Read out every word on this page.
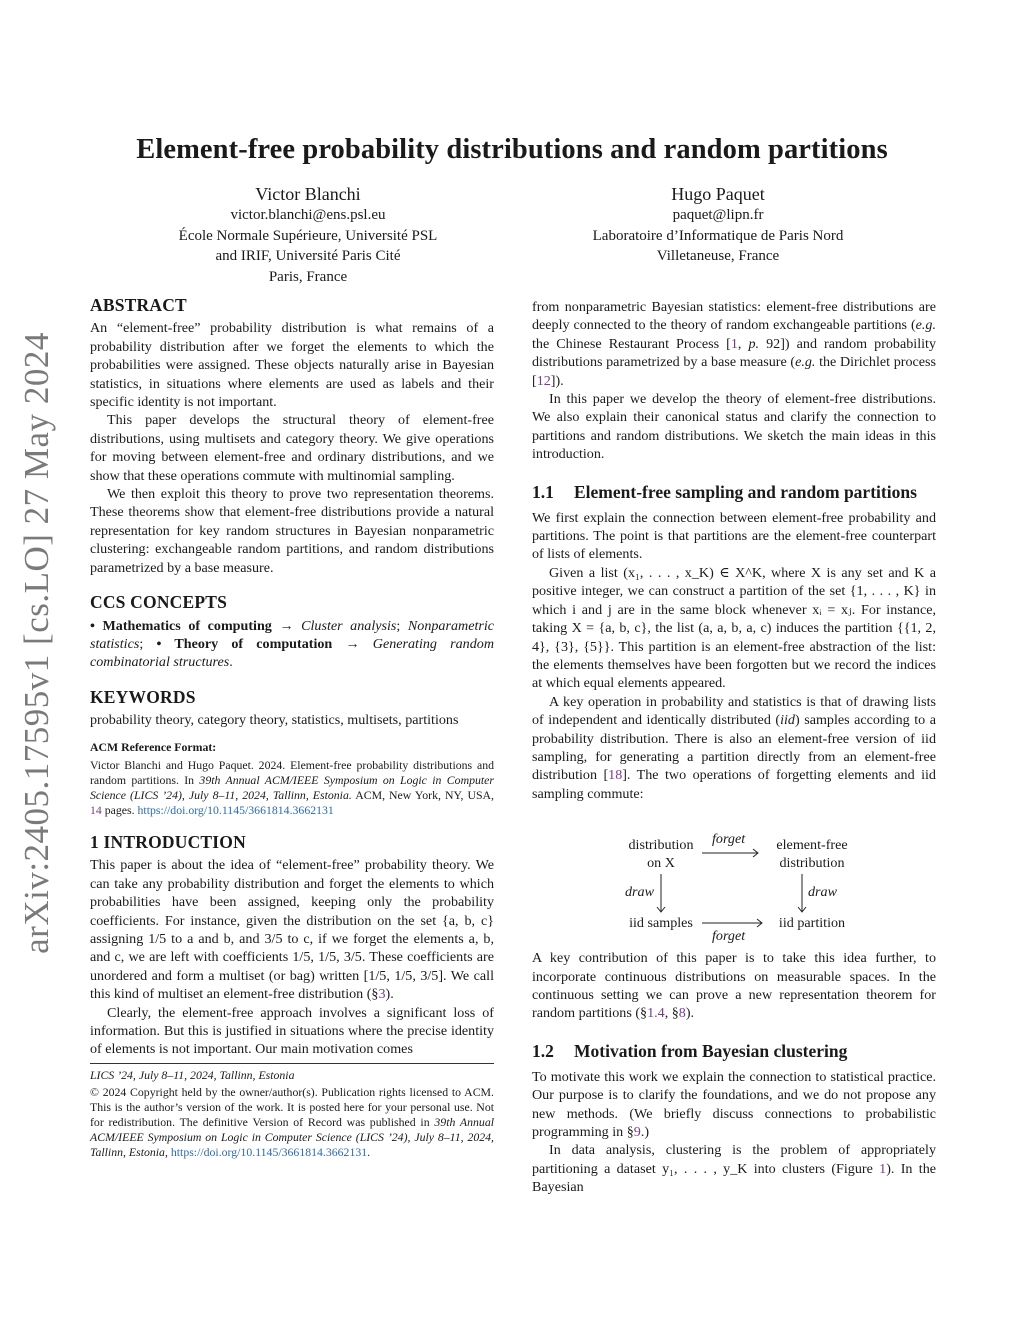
arXiv:2405.17595v1 [cs.LO] 27 May 2024
Element-free probability distributions and random partitions
Victor Blanchi
victor.blanchi@ens.psl.eu
École Normale Supérieure, Université PSL
and IRIF, Université Paris Cité
Paris, France
Hugo Paquet
paquet@lipn.fr
Laboratoire d’Informatique de Paris Nord
Villetaneuse, France
ABSTRACT

An “element-free” probability distribution is what remains of a probability distribution after we forget the elements to which the probabilities were assigned. These objects naturally arise in Bayesian statistics, in situations where elements are used as labels and their specific identity is not important.

This paper develops the structural theory of element-free distributions, using multisets and category theory. We give operations for moving between element-free and ordinary distributions, and we show that these operations commute with multinomial sampling.

We then exploit this theory to prove two representation theorems. These theorems show that element-free distributions provide a natural representation for key random structures in Bayesian nonparametric clustering: exchangeable random partitions, and random distributions parametrized by a base measure.

CCS CONCEPTS

• Mathematics of computing → Cluster analysis; Nonparametric statistics; • Theory of computation → Generating random combinatorial structures.

KEYWORDS

probability theory, category theory, statistics, multisets, partitions

ACM Reference Format:

Victor Blanchi and Hugo Paquet. 2024. Element-free probability distributions and random partitions. In 39th Annual ACM/IEEE Symposium on Logic in Computer Science (LICS ’24), July 8–11, 2024, Tallinn, Estonia. ACM, New York, NY, USA, 14 pages. https://doi.org/10.1145/3661814.3662131

1 INTRODUCTION

This paper is about the idea of “element-free” probability theory. We can take any probability distribution and forget the elements to which probabilities have been assigned, keeping only the probability coefficients. For instance, given the distribution on the set {a, b, c} assigning 1/5 to a and b, and 3/5 to c, if we forget the elements a, b, and c, we are left with coefficients 1/5, 1/5, 3/5. These coefficients are unordered and form a multiset (or bag) written [1/5, 1/5, 3/5]. We call this kind of multiset an element-free distribution (§3).

Clearly, the element-free approach involves a significant loss of information. But this is justified in situations where the precise identity of elements is not important. Our main motivation comes

LICS ’24, July 8–11, 2024, Tallinn, Estonia

© 2024 Copyright held by the owner/author(s). Publication rights licensed to ACM. This is the author’s version of the work. It is posted here for your personal use. Not for redistribution. The definitive Version of Record was published in 39th Annual ACM/IEEE Symposium on Logic in Computer Science (LICS ’24), July 8–11, 2024, Tallinn, Estonia, https://doi.org/10.1145/3661814.3662131.

from nonparametric Bayesian statistics: element-free distributions are deeply connected to the theory of random exchangeable partitions (e.g. the Chinese Restaurant Process [1, p. 92]) and random probability distributions parametrized by a base measure (e.g. the Dirichlet process [12]).

In this paper we develop the theory of element-free distributions. We also explain their canonical status and clarify the connection to partitions and random distributions. We sketch the main ideas in this introduction.

1.1	Element-free sampling and random partitions

We first explain the connection between element-free probability and partitions. The point is that partitions are the element-free counterpart of lists of elements.

Given a list (x₁, . . . , x_K) ∈ X^K, where X is any set and K a positive integer, we can construct a partition of the set {1, . . . , K} in which i and j are in the same block whenever xᵢ = xⱼ. For instance, taking X = {a, b, c}, the list (a, a, b, a, c) induces the partition {{1, 2, 4}, {3}, {5}}. This partition is an element-free abstraction of the list: the elements themselves have been forgotten but we record the indices at which equal elements appeared.

A key operation in probability and statistics is that of drawing lists of independent and identically distributed (iid) samples according to a probability distribution. There is also an element-free version of iid sampling, for generating a partition directly from an element-free distribution [18]. The two operations of forgetting elements and iid sampling commute:

A key contribution of this paper is to take this idea further, to incorporate continuous distributions on measurable spaces. In the continuous setting we can prove a new representation theorem for random partitions (§1.4, §8).

1.2	Motivation from Bayesian clustering

To motivate this work we explain the connection to statistical practice. Our purpose is to clarify the foundations, and we do not propose any new methods. (We briefly discuss connections to probabilistic programming in §9.)

In data analysis, clustering is the problem of appropriately partitioning a dataset y₁, . . . , y_K into clusters (Figure 1). In the Bayesian

distribution
on X
element-free
distribution
iid samples	iid partition
forget
forget
draw	draw
